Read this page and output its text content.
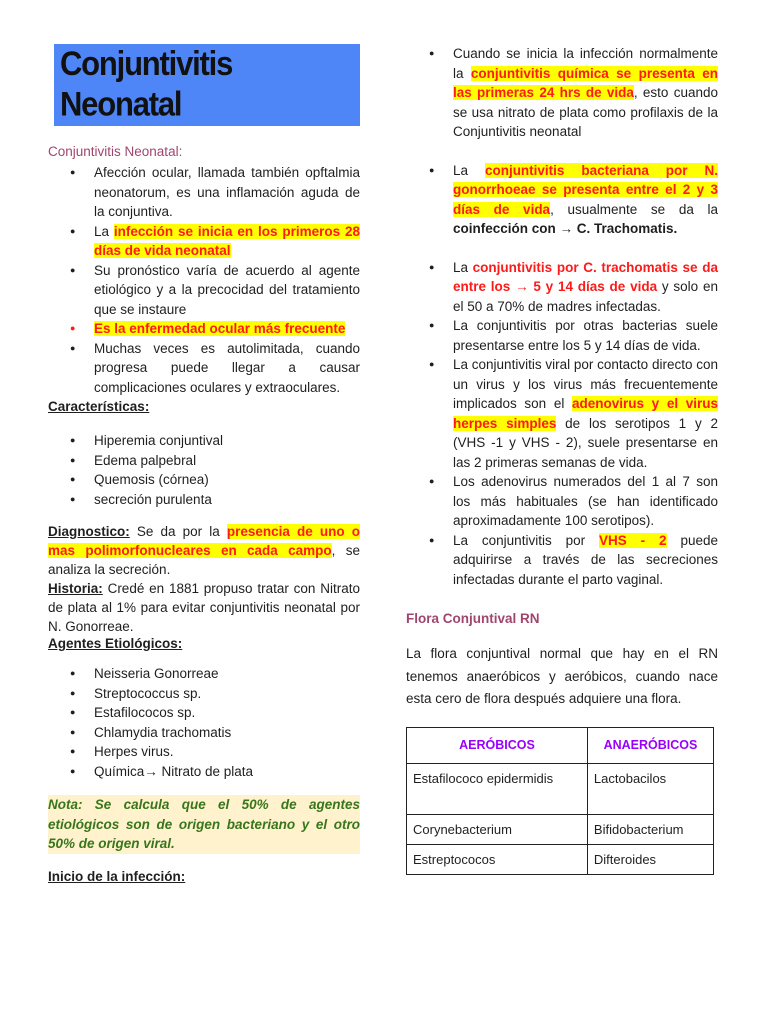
Conjuntivitis Neonatal

Conjuntivitis Neonatal:

● Afección ocular, llamada también opftalmia neonatorum, es una inflamación aguda de la conjuntiva.
● La infección se inicia en los primeros 28 días de vida neonatal
● Su pronóstico varía de acuerdo al agente etiológico y a la precocidad del tratamiento que se instaure
● Es la enfermedad ocular más frecuente
● Muchas veces es autolimitada, cuando progresa puede llegar a causar complicaciones oculares y extraoculares.
Características:
● Hiperemia conjuntival
● Edema palpebral
● Quemosis (córnea)
● secreción purulenta

Diagnostico: Se da por la presencia de uno o mas polimorfonucleares en cada campo, se analiza la secreción.

Historia: Credé en 1881 propuso tratar con Nitrato de plata al 1% para evitar conjuntivitis neonatal por N. Gonorreae.

Agentes Etiológicos:
● Neisseria Gonorreae
● Streptococcus sp.
● Estafilococos sp.
● Chlamydia trachomatis
● Herpes virus.
● Química→ Nitrato de plata
Nota: Se calcula que el 50% de agentes etiológicos son de origen bacteriano y el otro 50% de origen viral.
Inicio de la infección:
● Cuando se inicia la infección normalmente la conjuntivitis química se presenta en las primeras 24 hrs de vida, esto cuando se usa nitrato de plata como profilaxis de la Conjuntivitis neonatal
● La conjuntivitis bacteriana por N. gonorrhoeae se presenta entre el 2 y 3 días de vida, usualmente se da la coinfección con → C. Trachomatis.
● La conjuntivitis por C. trachomatis se da entre los → 5 y 14 días de vida y solo en el 50 a 70% de madres infectadas.
● La conjuntivitis por otras bacterias suele presentarse entre los 5 y 14 días de vida.
● La conjuntivitis viral por contacto directo con un virus y los virus más frecuentemente implicados son el adenovirus y el virus herpes simples de los serotipos 1 y 2 (VHS -1 y VHS - 2), suele presentarse en las 2 primeras semanas de vida.
● Los adenovirus numerados del 1 al 7 son los más habituales (se han identificado aproximadamente 100 serotipos).
● La conjuntivitis por VHS - 2 puede adquirirse a través de las secreciones infectadas durante el parto vaginal.

Flora Conjuntival RN

La flora conjuntival normal que hay en el RN tenemos anaeróbicos y aeróbicos, cuando nace esta cero de flora después adquiere una flora.

AERÓBICOS	ANAERÓBICOS
Estafilococo epidermidis	Lactobacilos
Corynebacterium	Bifidobacterium
Estreptococos	Difteroides
